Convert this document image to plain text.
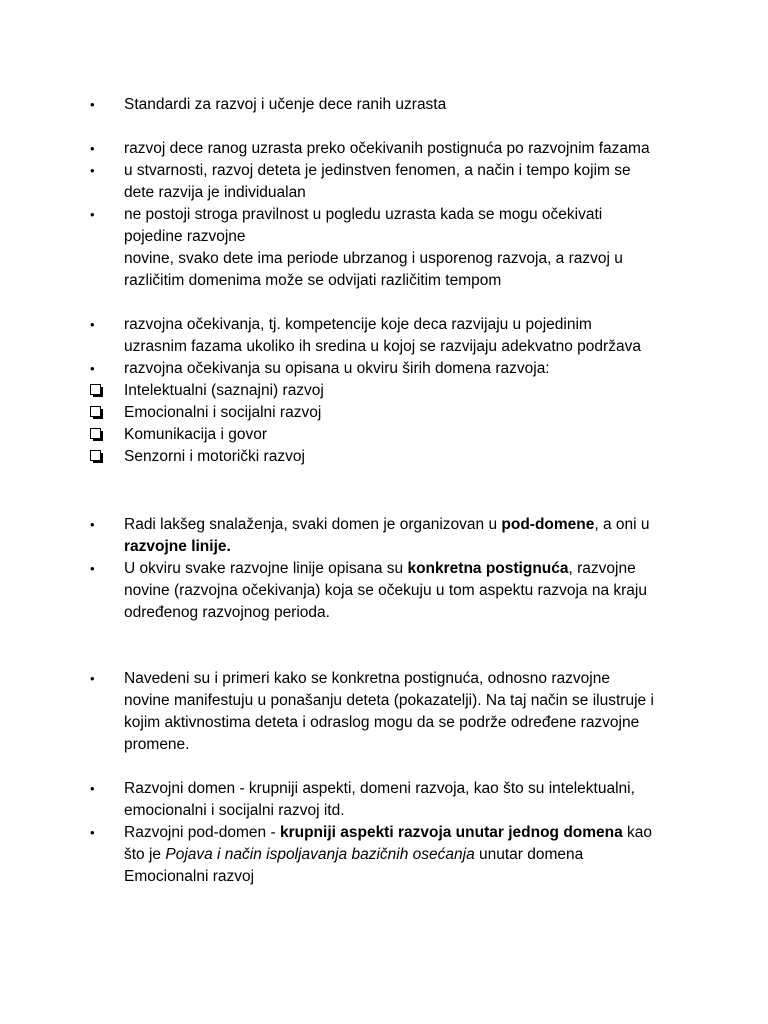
•
Standardi za razvoj i učenje dece ranih uzrasta
•
razvoj dece ranog uzrasta preko očekivanih postignuća po razvojnim fazama
•
u stvarnosti, razvoj deteta je jedinstven fenomen, a način i tempo kojim se
dete razvija je individualan
•
ne postoji stroga pravilnost u pogledu uzrasta kada se mogu očekivati
pojedine razvojne
novine, svako dete ima periode ubrzanog i usporenog razvoja, a razvoj u
različitim domenima može se odvijati različitim tempom
•
razvojna očekivanja, tj. kompetencije koje deca razvijaju u pojedinim
uzrasnim fazama ukoliko ih sredina u kojoj se razvijaju adekvatno podržava
•
razvojna očekivanja su opisana u okviru širih domena razvoja:
Intelektualni (saznajni) razvoj
Emocionalni i socijalni razvoj
Komunikacija i govor
Senzorni i motorički razvoj
•
Radi lakšeg snalaženja, svaki domen je organizovan u pod-domene, a oni u
razvojne linije.
•
U okviru svake razvojne linije opisana su konkretna postignuća, razvojne
novine (razvojna očekivanja) koja se očekuju u tom aspektu razvoja na kraju
određenog razvojnog perioda.
•
Navedeni su i primeri kako se konkretna postignuća, odnosno razvojne
novine manifestuju u ponašanju deteta (pokazatelji). Na taj način se ilustruje i
kojim aktivnostima deteta i odraslog mogu da se podrže određene razvojne
promene.
•
Razvojni domen - krupniji aspekti, domeni razvoja, kao što su intelektualni,
emocionalni i socijalni razvoj itd.
•
Razvojni pod-domen - krupniji aspekti razvoja unutar jednog domena kao
što je Pojava i način ispoljavanja bazičnih osećanja unutar domena
Emocionalni razvoj
